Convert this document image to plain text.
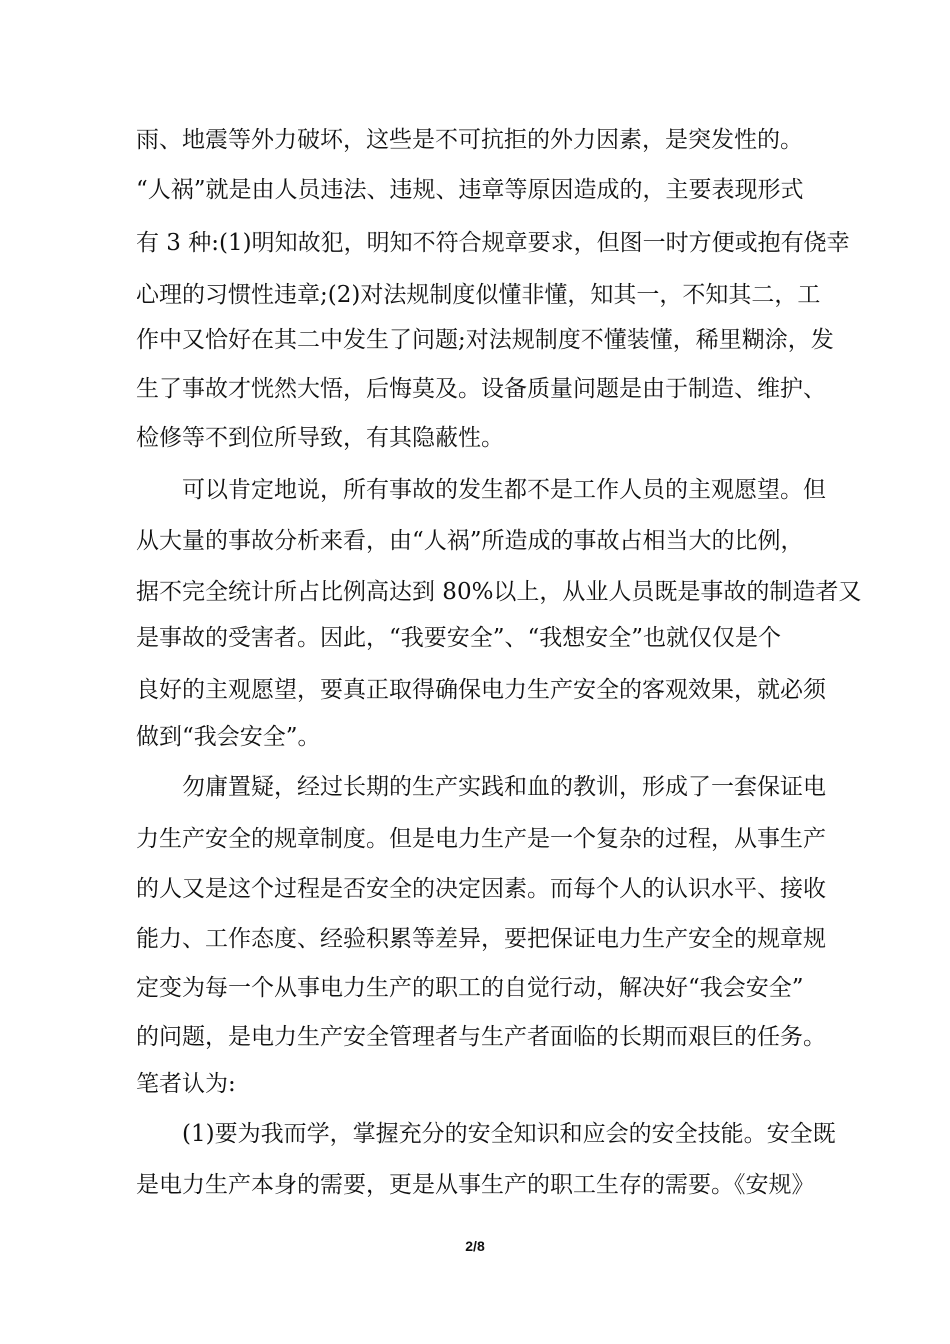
雨、地震等外力破坏，这些是不可抗拒的外力因素，是突发性的。
“人祸”就是由人员违法、违规、违章等原因造成的，主要表现形式
有 3 种:(1)明知故犯，明知不符合规章要求，但图一时方便或抱有侥幸
心理的习惯性违章;(2)对法规制度似懂非懂，知其一，不知其二，工
作中又恰好在其二中发生了问题;对法规制度不懂装懂，稀里糊涂，发
生了事故才恍然大悟，后悔莫及。设备质量问题是由于制造、维护、
检修等不到位所导致，有其隐蔽性。
可以肯定地说，所有事故的发生都不是工作人员的主观愿望。但
从大量的事故分析来看，由“人祸”所造成的事故占相当大的比例，
据不完全统计所占比例高达到 80%以上，从业人员既是事故的制造者又
是事故的受害者。因此，“我要安全”、“我想安全”也就仅仅是个
良好的主观愿望，要真正取得确保电力生产安全的客观效果，就必须
做到“我会安全”。
勿庸置疑，经过长期的生产实践和血的教训，形成了一套保证电
力生产安全的规章制度。但是电力生产是一个复杂的过程，从事生产
的人又是这个过程是否安全的决定因素。而每个人的认识水平、接收
能力、工作态度、经验积累等差异，要把保证电力生产安全的规章规
定变为每一个从事电力生产的职工的自觉行动，解决好“我会安全”
的问题，是电力生产安全管理者与生产者面临的长期而艰巨的任务。
笔者认为:
(1)要为我而学，掌握充分的安全知识和应会的安全技能。安全既
是电力生产本身的需要，更是从事生产的职工生存的需要。《安规》
2/8
